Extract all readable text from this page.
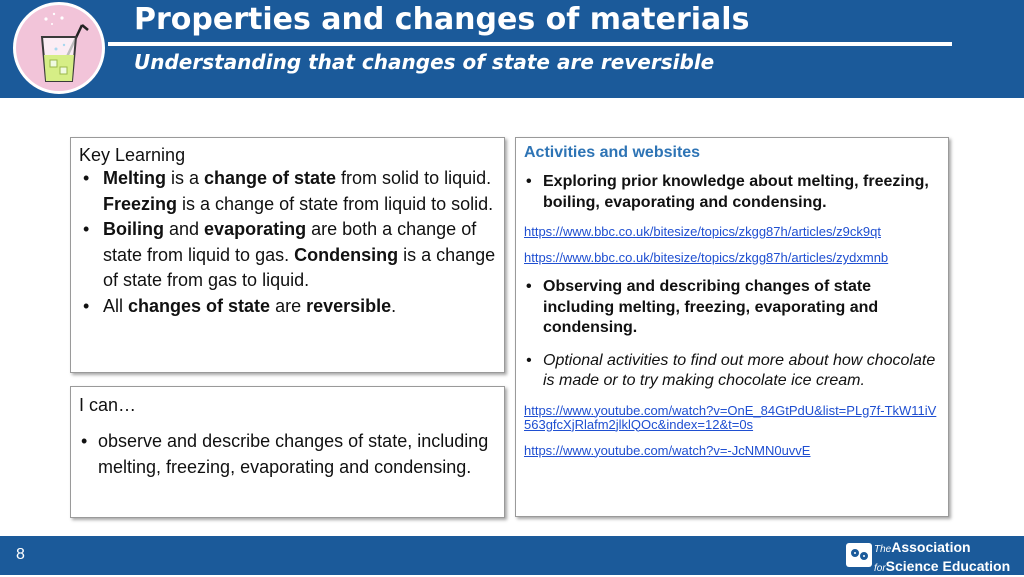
Properties and changes of materials
Understanding that changes of state are reversible
Key Learning
• Melting is a change of state from solid to liquid. Freezing is a change of state from liquid to solid.
• Boiling and evaporating are both a change of state from liquid to gas. Condensing is a change of state from gas to liquid.
• All changes of state are reversible.
I can…
• observe and describe changes of state, including melting, freezing, evaporating and condensing.
Activities and websites
• Exploring prior knowledge about melting, freezing, boiling, evaporating and condensing.
https://www.bbc.co.uk/bitesize/topics/zkgg87h/articles/z9ck9qt
https://www.bbc.co.uk/bitesize/topics/zkgg87h/articles/zydxmnb
• Observing and describing changes of state including melting, freezing, evaporating and condensing.
• Optional activities to find out more about how chocolate is made or to try making chocolate ice cream.
https://www.youtube.com/watch?v=OnE_84GtPdU&list=PLg7f-TkW11iV563gfcXjRlafm2jlklQOc&index=12&t=0s
https://www.youtube.com/watch?v=-JcNMN0uvvE
8	TheAssociation
forScience Education
